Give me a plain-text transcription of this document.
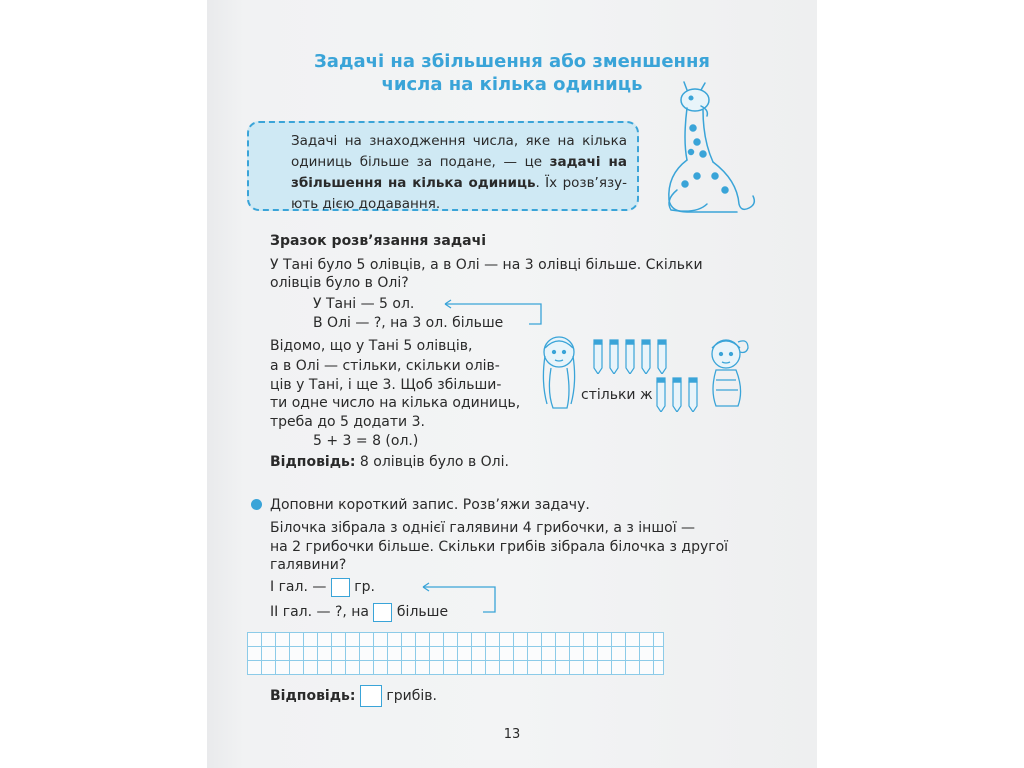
Задачі на збільшення або зменшення
числа на кілька одиниць
Задачі на знаходження числа, яке на кілька одиниць більше за подане, — це задачі на збільшення на кілька одиниць. Їх розв’язують дією додавання.
Зразок розв’язання задачі
У Тані було 5 олівців, а в Олі — на 3 олівці більше. Скільки
олівців було в Олі?
У Тані — 5 ол.
В Олі — ?, на 3 ол. більше
Відомо, що у Тані 5 олівців,
а в Олі — стільки, скільки олів-
ців у Тані, і ще 3. Щоб збільши-
ти одне число на кілька одиниць,
треба до 5 додати 3.
стільки ж
5 + 3 = 8 (ол.)
Відповідь: 8 олівців було в Олі.
Доповни короткий запис. Розв’яжи задачу.
Білочка зібрала з однієї галявини 4 грибочки, а з іншої —
на 2 грибочки більше. Скільки грибів зібрала білочка з другої
галявини?
I гал. — гр.
II гал. — ?, на більше
Відповідь: грибів.
13
